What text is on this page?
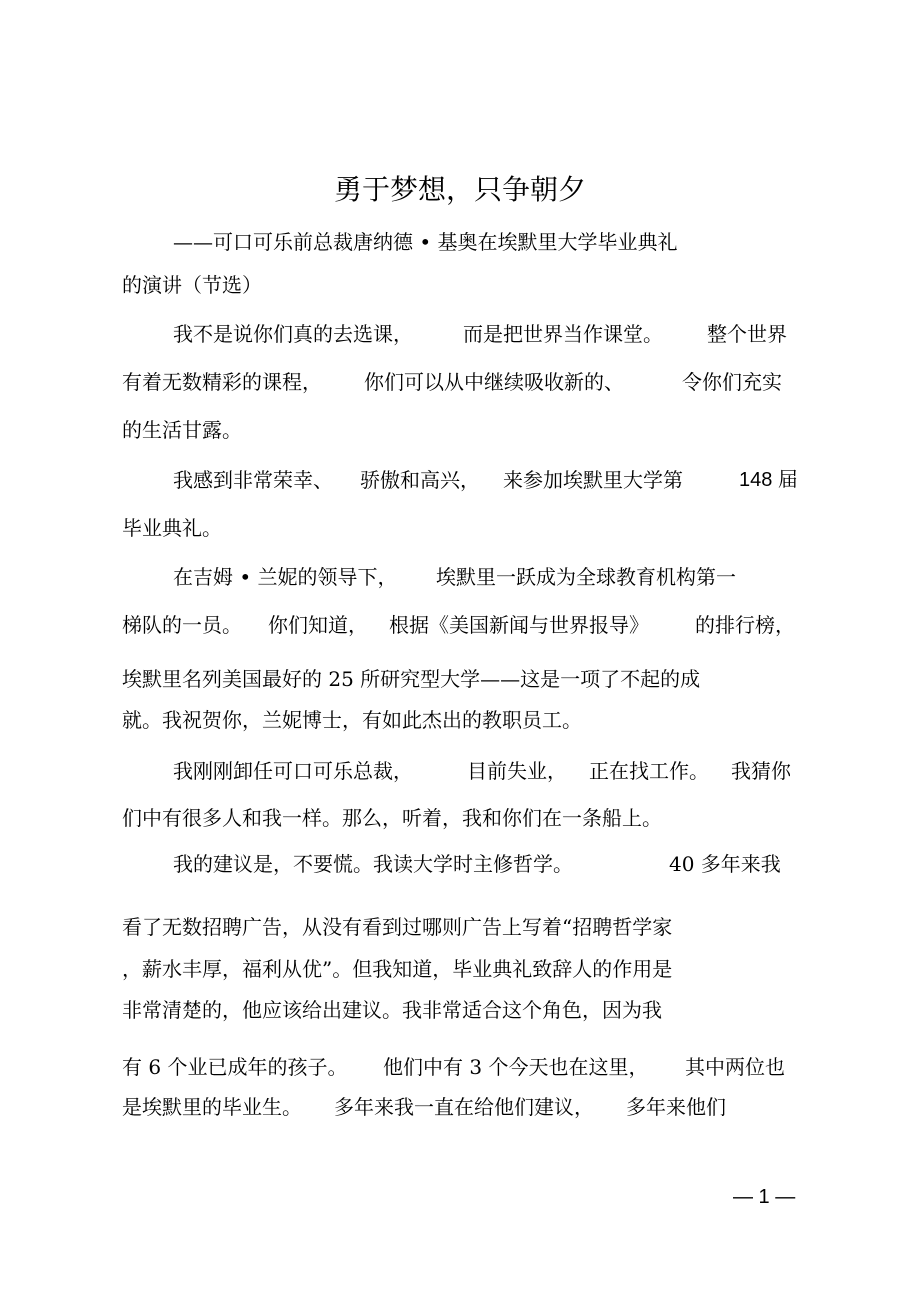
勇于梦想，只争朝夕
——可口可乐前总裁唐纳德 • 基奥在埃默里大学毕业典礼
的演讲（节选）
我不是说你们真的去选课，	而是把世界当作课堂。 整个世界
有着无数精彩的课程， 你们可以从中继续吸收新的、	令你们充实
的生活甘露。
我感到非常荣幸、 骄傲和高兴， 来参加埃默里大学第	148 届
毕业典礼。
在吉姆 • 兰妮的领导下， 埃默里一跃成为全球教育机构第一
梯队的一员。 你们知道， 根据《美国新闻与世界报导》 的排行榜，
埃默里名列美国最好的 25 所研究型大学——这是一项了不起的成
就。我祝贺你，兰妮博士，有如此杰出的教职员工。
我刚刚卸任可口可乐总裁，	目前失业， 正在找工作。 我猜你
们中有很多人和我一样。那么，听着，我和你们在一条船上。
我的建议是，不要慌。我读大学时主修哲学。	40 多年来我
看了无数招聘广告，从没有看到过哪则广告上写着“招聘哲学家
，薪水丰厚，福利从优”。但我知道，毕业典礼致辞人的作用是
非常清楚的，他应该给出建议。我非常适合这个角色，因为我
有 6 个业已成年的孩子。 他们中有 3 个今天也在这里， 其中两位也
是埃默里的毕业生。 多年来我一直在给他们建议， 多年来他们
— 1 —
